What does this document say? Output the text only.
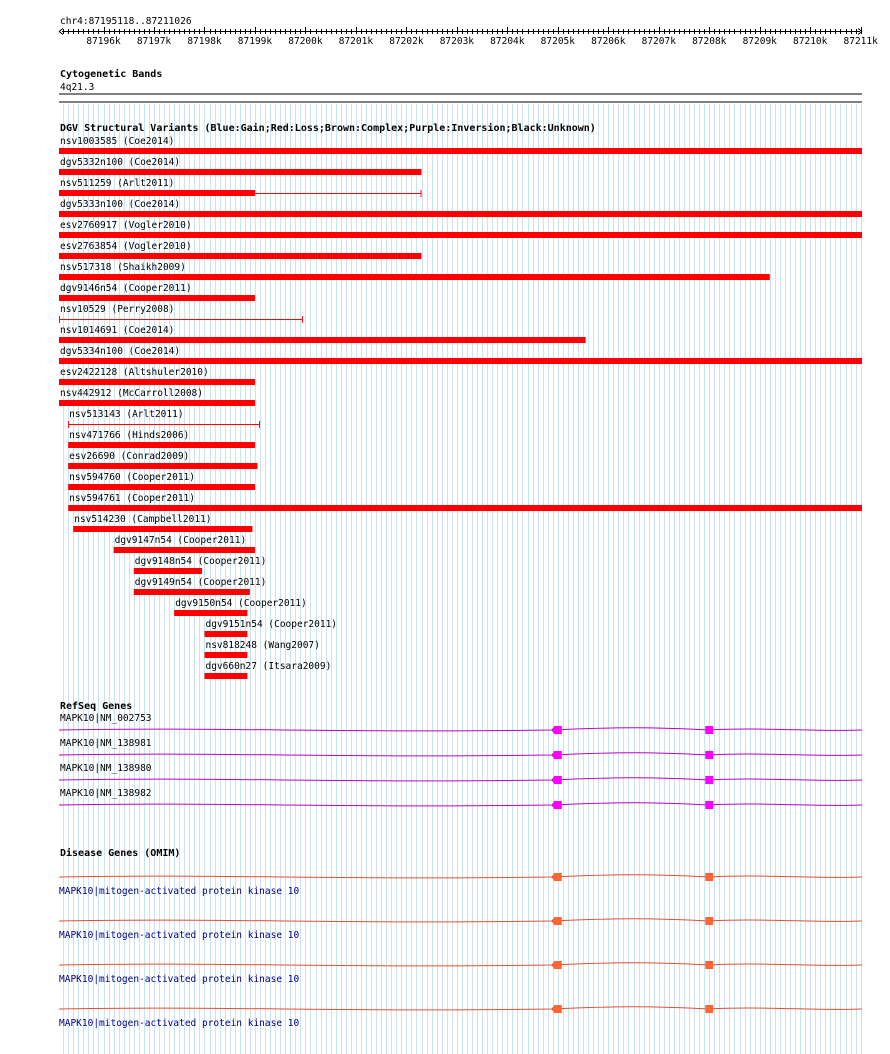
chr4:87195118..87211026
87196k 87197k 87198k 87199k 87200k 87201k 87202k 87203k 87204k 87205k 87206k 87207k 87208k 87209k 87210k 87211k
Cytogenetic Bands
4q21.3
DGV Structural Variants (Blue:Gain;Red:Loss;Brown:Complex;Purple:Inversion;Black:Unknown)
nsv1003585 (Coe2014)
dgv5332n100 (Coe2014)
nsv511259 (Arlt2011)
dgv5333n100 (Coe2014)
esv2760917 (Vogler2010)
esv2763854 (Vogler2010)
nsv517318 (Shaikh2009)
dgv9146n54 (Cooper2011)
nsv10529 (Perry2008)
nsv1014691 (Coe2014)
dgv5334n100 (Coe2014)
esv2422128 (Altshuler2010)
nsv442912 (McCarroll2008)
nsv513143 (Arlt2011)
nsv471766 (Hinds2006)
esv26690 (Conrad2009)
nsv594760 (Cooper2011)
nsv594761 (Cooper2011)
nsv514230 (Campbell2011)
dgv9147n54 (Cooper2011)
dgv9148n54 (Cooper2011)
dgv9149n54 (Cooper2011)
dgv9150n54 (Cooper2011)
dgv9151n54 (Cooper2011)
nsv818248 (Wang2007)
dgv660n27 (Itsara2009)
RefSeq Genes
MAPK10|NM_002753
MAPK10|NM_138981
MAPK10|NM_138980
MAPK10|NM_138982
Disease Genes (OMIM)
MAPK10|mitogen-activated protein kinase 10
MAPK10|mitogen-activated protein kinase 10
MAPK10|mitogen-activated protein kinase 10
MAPK10|mitogen-activated protein kinase 10
